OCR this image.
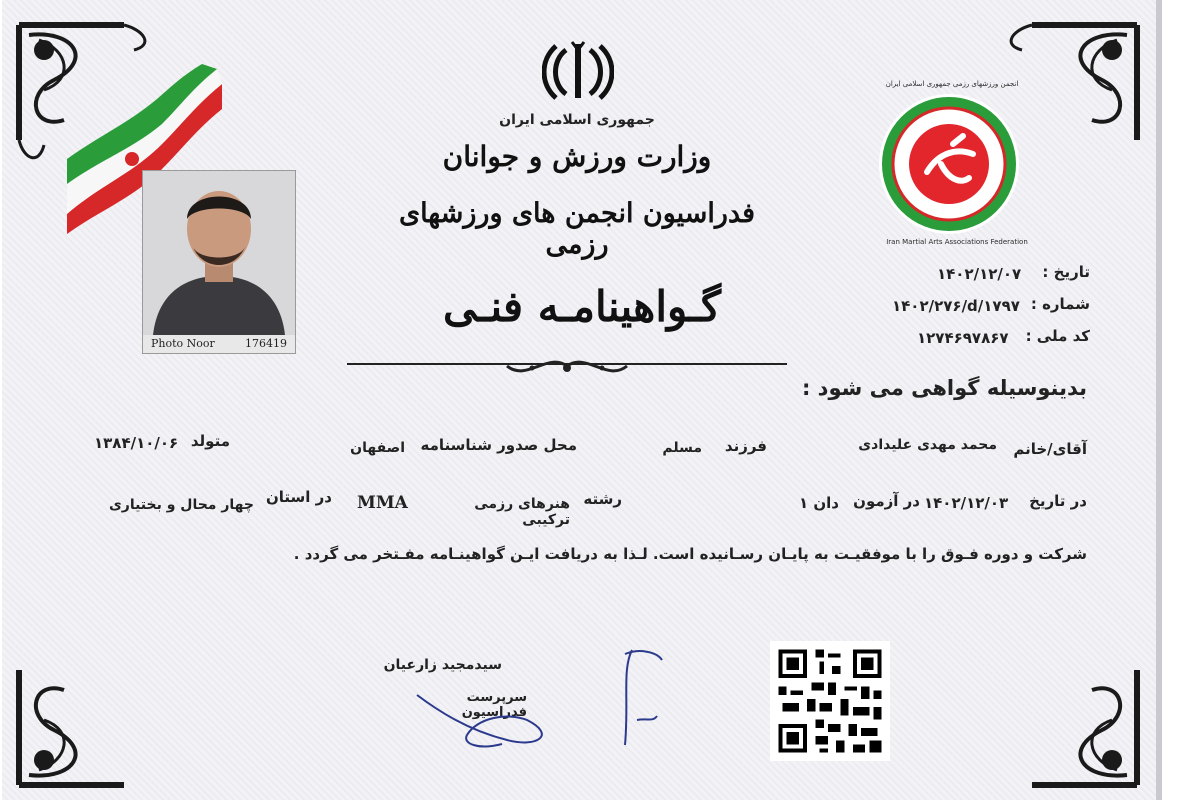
جمهوری اسلامی ایران
وزارت ورزش و جوانان
فدراسیون انجمن های ورزشهای رزمی
گـواهینامـه فنـی
انجمن ورزشهای رزمی جمهوری اسلامی ایران
Iran Martial Arts Associations Federation
تاریخ :
۱۴۰۲/۱۲/۰۷
شماره :
۱۴۰۲/۲۷۶/d/۱۷۹۷
کد ملی :
۱۲۷۴۶۹۷۸۶۷
Photo Noor	176419
بدینوسیله گواهی می شود :
آقای/خانم
محمد مهدی علیدادی
فرزند
مسلم
محل صدور شناسنامه
اصفهان
متولد
۱۳۸۴/۱۰/۰۶
در تاریخ
۱۴۰۲/۱۲/۰۳
در آزمون
دان ۱
رشته
هنرهای رزمی ترکیبی
MMA
در استان
چهار محال و بختیاری
شرکت و دوره فـوق را با موفقیـت به پایـان رسـانیده است. لـذا به دریافت ایـن گواهینـامه مفـتخر می گردد .
سیدمجید زارعیان
سرپرست فدراسیون
